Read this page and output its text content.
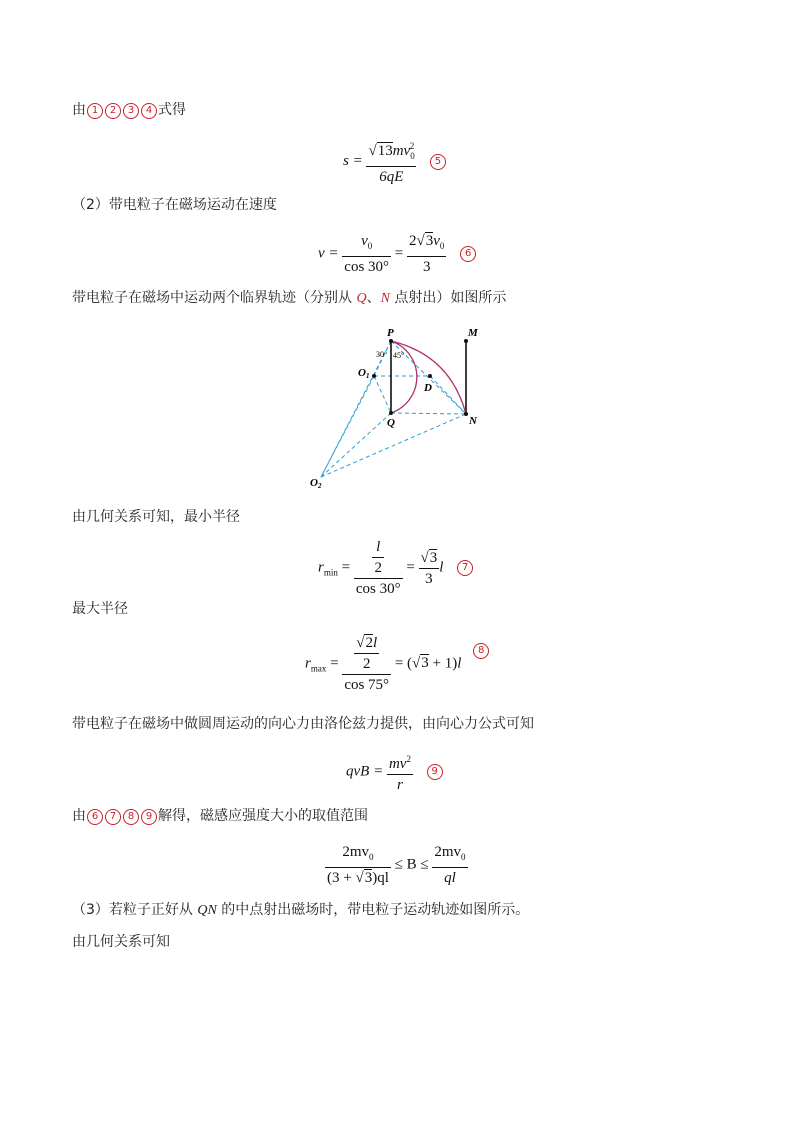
由 1 2 3 4 式得
$s = \frac{√13mv_0^2}{6qE} 5$
（2）带电粒子在磁场运动在速度
$v = \frac{v_0}{\cos 30^\circ} = \frac{2√3v_0}{3} 6$
带电粒子在磁场中运动两个临界轨迹（分别从 Q、N 点射出）如图所示
P	M
O1
D
Q	N
O2
30° 45°
由几何关系可知，最小半径
$r_{min} = \frac{\frac{l}{2}}{\cos 30^\circ} = \frac{√3}{3}$ l 7
最大半径
$r_{max} = \frac{\frac{√2l}{2}}{\cos 75^\circ} = (√3 + 1)l$ 8
带电粒子在磁场中做圆周运动的向心力由洛伦兹力提供，由向心力公式可知
qvB = $\frac{mv^2}{r} 9$
由 6 7 8 9 解得，磁感应强度大小的取值范围
$\frac{2mv_0}{(3 + √3)ql} \le B \le \frac{2mv_0}{ql}$
（3）若粒子正好从 QN 的中点射出磁场时，带电粒子运动轨迹如图所示。
由几何关系可知
